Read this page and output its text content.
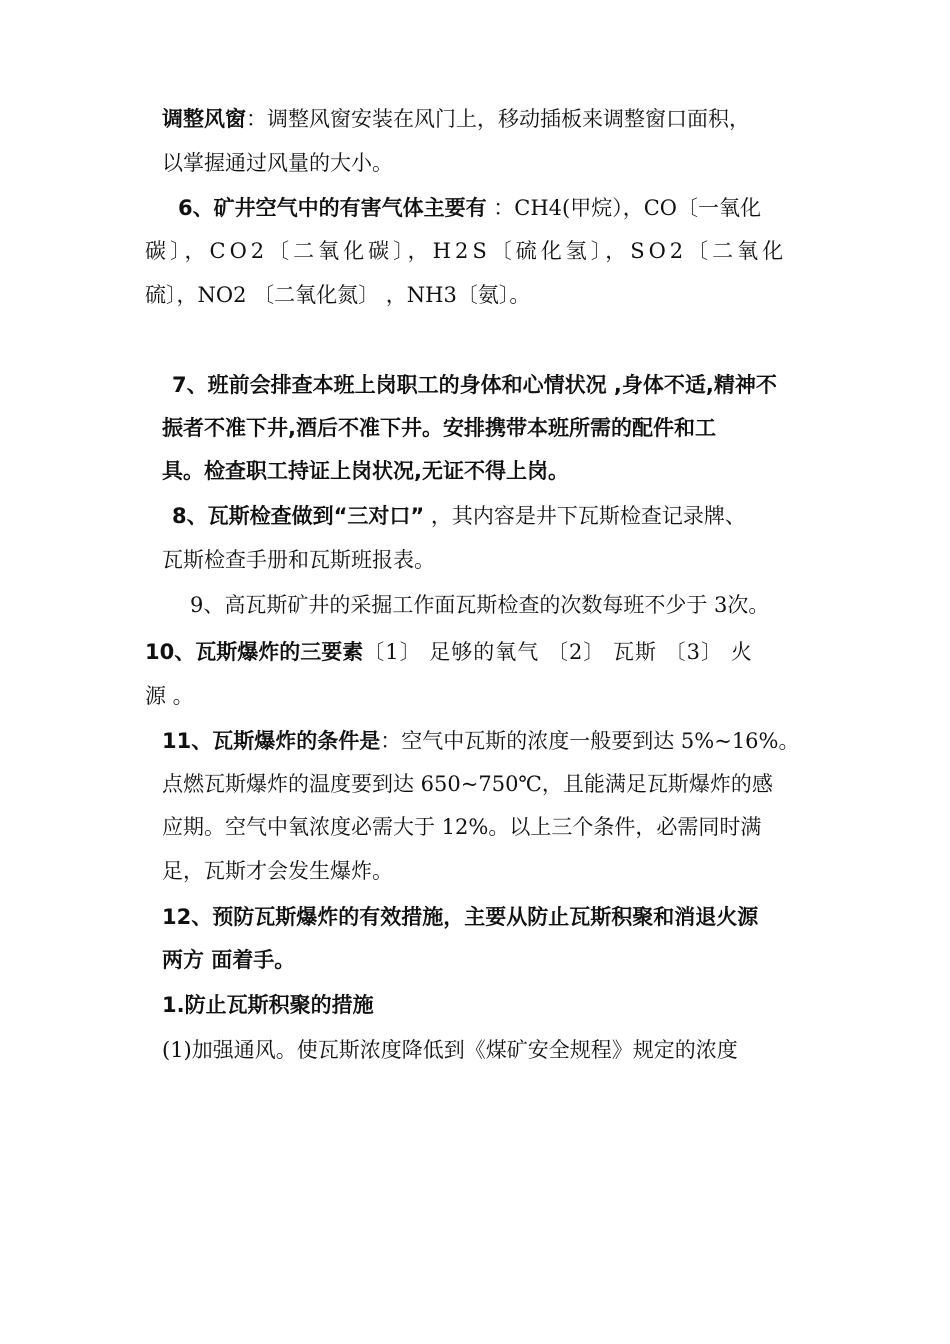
调整风窗：调整风窗安装在风门上，移动插板来调整窗口面积，
以掌握通过风量的大小。
6、矿井空气中的有害气体主要有 ：CH4(甲烷），CO〔一氧化
碳〕，CO2〔二氧化碳〕，H2S〔硫化氢〕，SO2〔二氧化
硫〕，NO2 〔二氧化氮〕 ，NH3〔氨〕。
7、班前会排查本班上岗职工的身体和心情状况 ,身体不适,精神不
振者不准下井,酒后不准下井。安排携带本班所需的配件和工
具。检查职工持证上岗状况,无证不得上岗。
8、瓦斯检查做到“三对口” ，其内容是井下瓦斯检查记录牌、
瓦斯检查手册和瓦斯班报表。
9、高瓦斯矿井的采掘工作面瓦斯检查的次数每班不少于 3次。
10、瓦斯爆炸的三要素〔1〕 足够的氧气 〔2〕 瓦斯 〔3〕 火
源 。
11、瓦斯爆炸的条件是：空气中瓦斯的浓度一般要到达 5%~16%。
点燃瓦斯爆炸的温度要到达 650~750℃，且能满足瓦斯爆炸的感
应期。空气中氧浓度必需大于 12%。以上三个条件，必需同时满
足，瓦斯才会发生爆炸。
12、预防瓦斯爆炸的有效措施，主要从防止瓦斯积聚和消退火源
两方 面着手。
1.防止瓦斯积聚的措施
(1)加强通风。使瓦斯浓度降低到《煤矿安全规程》规定的浓度
